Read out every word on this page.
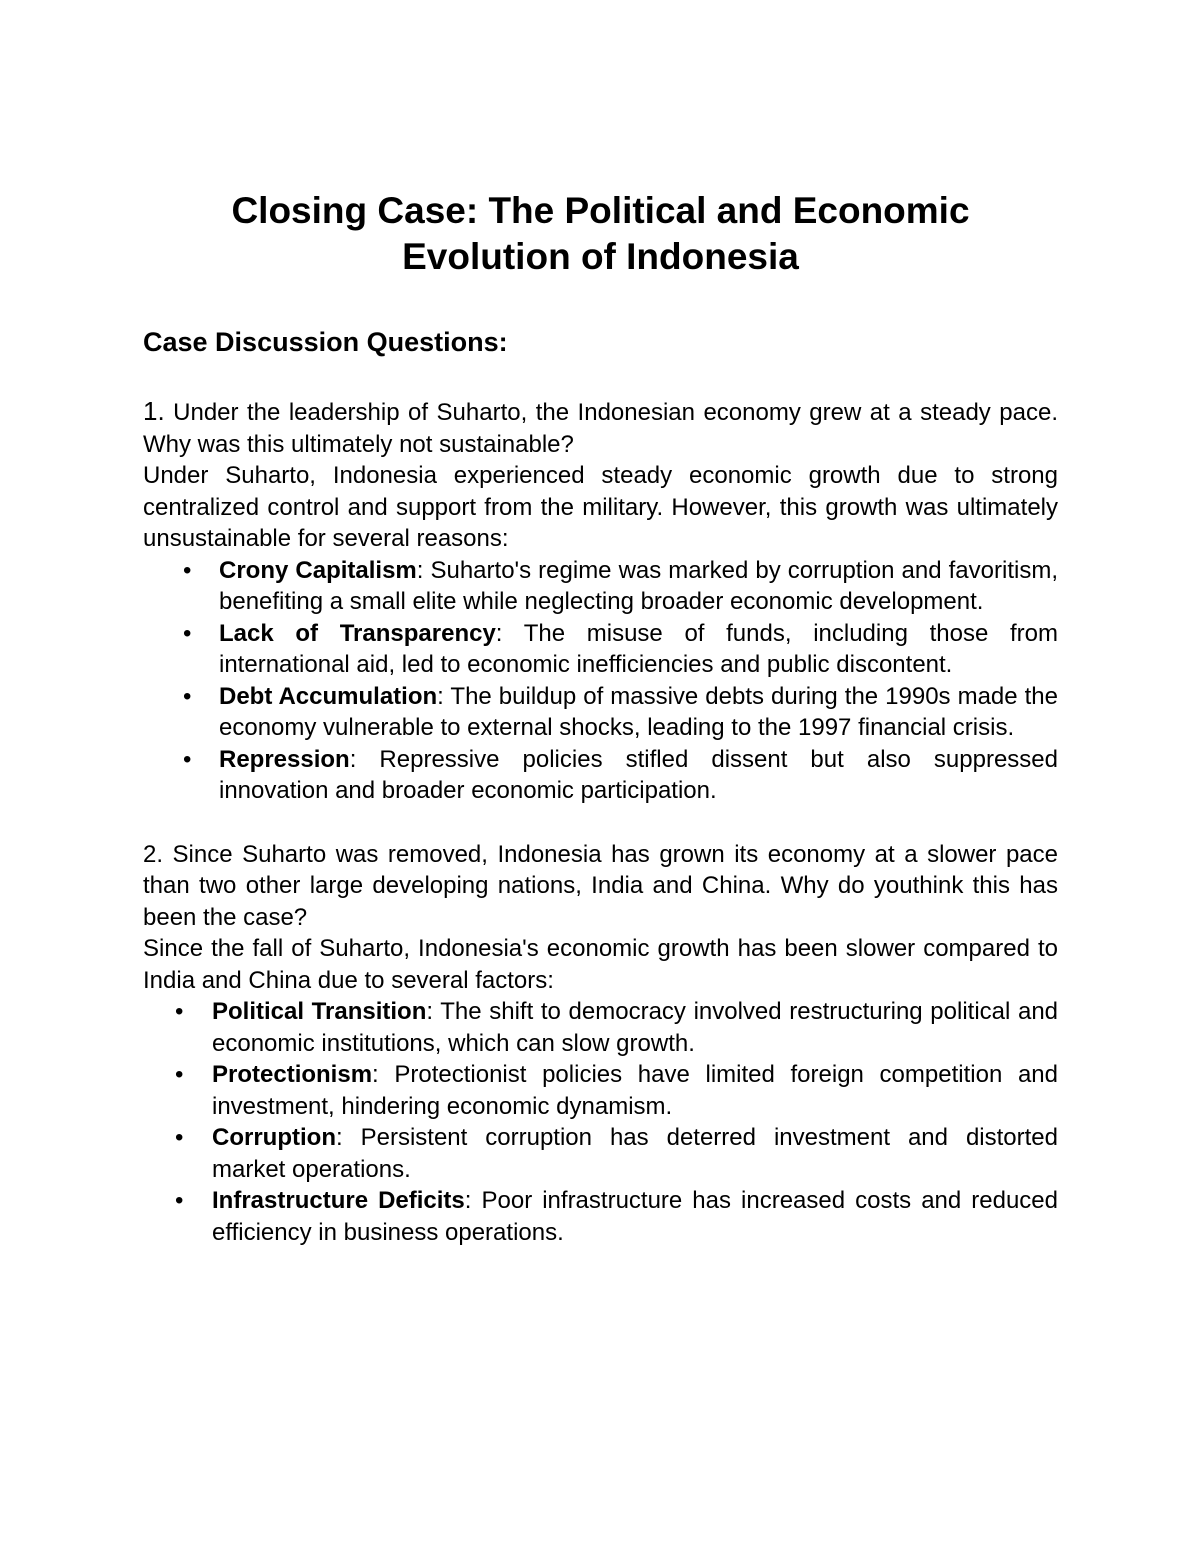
Closing Case: The Political and Economic
Evolution of Indonesia
Case Discussion Questions:

1. Under the leadership of Suharto, the Indonesian economy grew at a steady pace. Why was this ultimately not sustainable?

Under Suharto, Indonesia experienced steady economic growth due to strong centralized control and support from the military. However, this growth was ultimately unsustainable for several reasons:

• Crony Capitalism: Suharto's regime was marked by corruption and favoritism, benefiting a small elite while neglecting broader economic development.
• Lack of Transparency: The misuse of funds, including those from international aid, led to economic inefficiencies and public discontent.
• Debt Accumulation: The buildup of massive debts during the 1990s made the economy vulnerable to external shocks, leading to the 1997 financial crisis.
• Repression: Repressive policies stifled dissent but also suppressed innovation and broader economic participation.

2. Since Suharto was removed, Indonesia has grown its economy at a slower pace than two other large developing nations, India and China. Why do youthink this has been the case?

Since the fall of Suharto, Indonesia's economic growth has been slower compared to India and China due to several factors:

• Political Transition: The shift to democracy involved restructuring political and economic institutions, which can slow growth.
• Protectionism: Protectionist policies have limited foreign competition and investment, hindering economic dynamism.
• Corruption: Persistent corruption has deterred investment and distorted market operations.
• Infrastructure Deficits: Poor infrastructure has increased costs and reduced efficiency in business operations.
